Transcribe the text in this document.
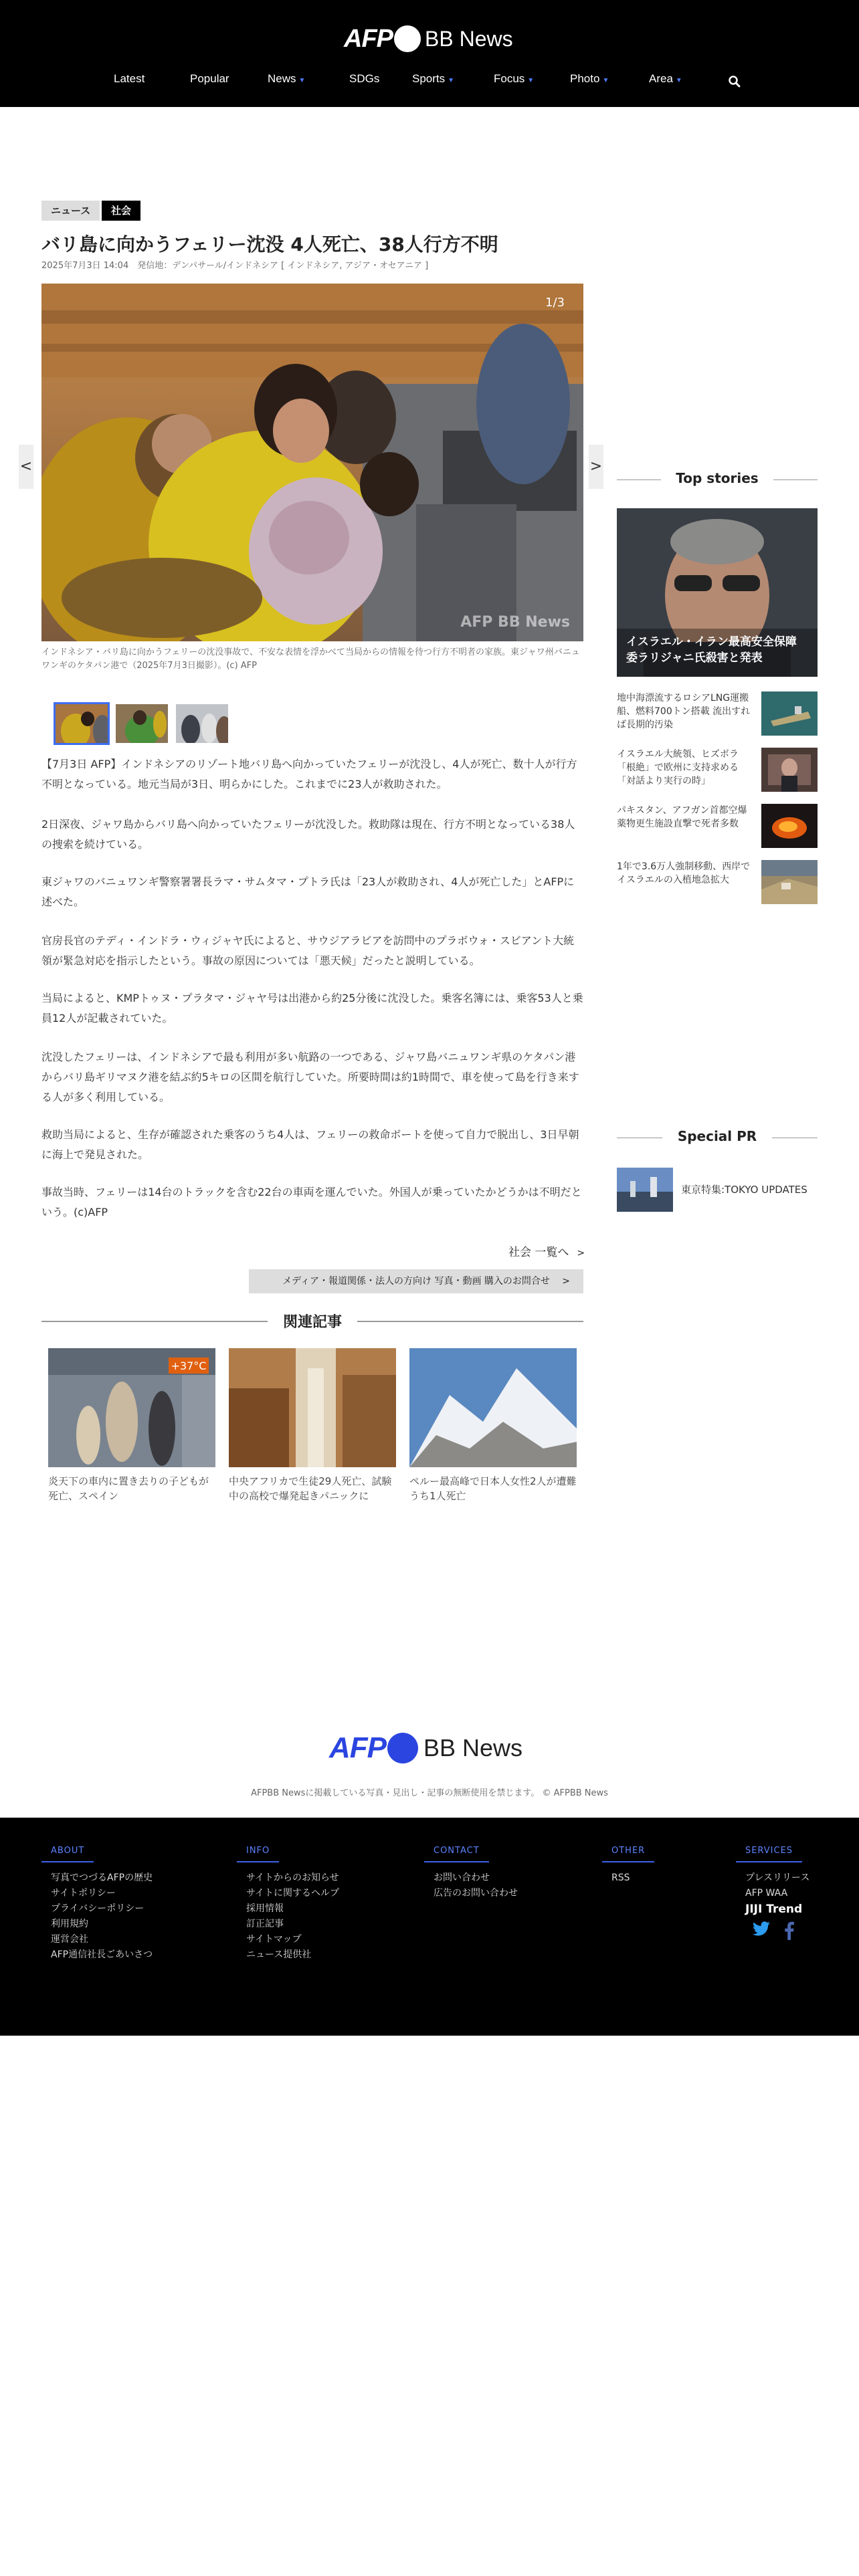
AFP BB News
Latest	Popular	News ▼	SDGs	Sports ▼	Focus ▼	Photo ▼	Area ▼
ニュース	社会
バリ島に向かうフェリー沈没 4人死亡、38人行方不明
2025年7月3日 14:04　発信地：デンパサール/インドネシア [ インドネシア, アジア・オセアニア ]
<	>
1/3
AFP BB News

インドネシア・バリ島に向かうフェリーの沈没事故で、不安な表情を浮かべて当局からの情報を待つ行方不明者の家族。東ジャワ州バニュワンギのケタパン港で（2025年7月3日撮影）。(c) AFP

【7月3日 AFP】インドネシアのリゾート地バリ島へ向かっていたフェリーが沈没し、4人が死亡、数十人が行方不明となっている。地元当局が3日、明らかにした。これまでに23人が救助された。

2日深夜、ジャワ島からバリ島へ向かっていたフェリーが沈没した。救助隊は現在、行方不明となっている38人の捜索を続けている。

東ジャワのバニュワンギ警察署署長ラマ・サムタマ・プトラ氏は「23人が救助され、4人が死亡した」とAFPに述べた。

官房長官のテディ・インドラ・ウィジャヤ氏によると、サウジアラビアを訪問中のプラボウォ・スビアント大統領が緊急対応を指示したという。事故の原因については「悪天候」だったと説明している。

当局によると、KMPトゥヌ・プラタマ・ジャヤ号は出港から約25分後に沈没した。乗客名簿には、乗客53人と乗員12人が記載されていた。

沈没したフェリーは、インドネシアで最も利用が多い航路の一つである、ジャワ島バニュワンギ県のケタパン港からバリ島ギリマヌク港を結ぶ約5キロの区間を航行していた。所要時間は約1時間で、車を使って島を行き来する人が多く利用している。

救助当局によると、生存が確認された乗客のうち4人は、フェリーの救命ボートを使って自力で脱出し、3日早朝に海上で発見された。

事故当時、フェリーは14台のトラックを含む22台の車両を運んでいた。外国人が乗っていたかどうかは不明だという。(c)AFP

社会 一覧へ >
メディア・報道関係・法人の方向け 写真・動画 購入のお問合せ >
関連記事
+37°C

炎天下の車内に置き去りの子どもが死亡、スペイン

中央アフリカで生徒29人死亡、試験中の高校で爆発起きパニックに

ペルー最高峰で日本人女性2人が遭難 うち1人死亡

Top stories
イスラエル・イラン最高安全保障委ラリジャニ氏殺害と発表
地中海漂流するロシアLNG運搬船、燃料700トン搭載 流出すれば長期的汚染
イスラエル大統領、ヒズボラ「根絶」で欧州に支持求める「対話より実行の時」
パキスタン、アフガン首都空爆 薬物更生施設直撃で死者多数
1年で3.6万人強制移動、西岸でイスラエルの入植地急拡大
Special PR
東京特集:TOKYO UPDATES
AFP BB News
AFPBB Newsに掲載している写真・見出し・記事の無断使用を禁じます。 © AFPBB News
ABOUT
写真でつづるAFPの歴史
サイトポリシー
プライバシーポリシー
利用規約
運営会社
AFP通信社長ごあいさつ
INFO
サイトからのお知らせ
サイトに関するヘルプ
採用情報
訂正記事
サイトマップ
ニュース提供社
CONTACT
お問い合わせ
広告のお問い合わせ
OTHER
RSS
SERVICES
プレスリリース
AFP WAA
JIJI Trend
